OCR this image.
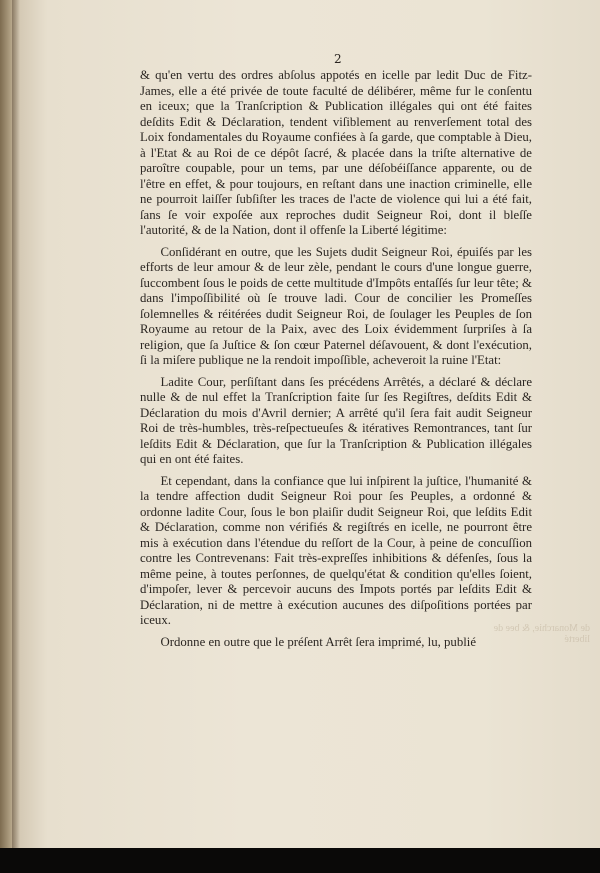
2

& qu'en vertu des ordres abſolus appotés en icelle par ledit Duc de Fitz-James, elle a été privée de toute faculté de délibérer, même fur le conſentu en iceux; que la Tranſcription & Publication illégales qui ont été faites deſdits Edit & Déclaration, tendent viſiblement au renverſement total des Loix fondamentales du Royaume confiées à ſa garde, que comptable à Dieu, à l'Etat & au Roi de ce dépôt ſacré, & placée dans la triſte alternative de paroître coupable, pour un tems, par une déſobéiſſance apparente, ou de l'être en effet, & pour toujours, en reſtant dans une inaction criminelle, elle ne pourroit laiſſer ſubſiſter les traces de l'acte de violence qui lui a été fait, ſans ſe voir expoſée aux reproches dudit Seigneur Roi, dont il bleſſe l'autorité, & de la Nation, dont il offenſe la Liberté légitime:

Conſidérant en outre, que les Sujets dudit Seigneur Roi, épuiſés par les efforts de leur amour & de leur zèle, pendant le cours d'une longue guerre, ſuccombent ſous le poids de cette multitude d'Impôts entaſſés ſur leur tête; & dans l'impoſſibilité où ſe trouve ladi. Cour de concilier les Promeſſes ſolemnelles & réitérées dudit Seigneur Roi, de ſoulager les Peuples de ſon Royaume au retour de la Paix, avec des Loix évidemment ſurpriſes à ſa religion, que ſa Juſtice & ſon cœur Paternel déſavouent, & dont l'exécution, ſi la miſere publique ne la rendoit impoſſible, acheveroit la ruine l'Etat:

Ladite Cour, perſiſtant dans ſes précédens Arrêtés, a déclaré & déclare nulle & de nul effet la Tranſcription faite ſur ſes Regiſtres, deſdits Edit & Déclaration du mois d'Avril dernier; A arrêté qu'il ſera fait audit Seigneur Roi de très-humbles, très-reſpectueuſes & itératives Remontrances, tant ſur leſdits Edit & Déclaration, que ſur la Tranſcription & Publication illégales qui en ont été faites.

Et cependant, dans la confiance que lui inſpirent la juſtice, l'humanité & la tendre affection dudit Seigneur Roi pour ſes Peuples, a ordonné & ordonne ladite Cour, ſous le bon plaiſir dudit Seigneur Roi, que leſdits Edit & Déclaration, comme non vérifiés & regiſtrés en icelle, ne pourront être mis à exécution dans l'étendue du reſſort de la Cour, à peine de concuſſion contre les Contrevenans: Fait très-expreſſes inhibitions & défenſes, ſous la même peine, à toutes perſonnes, de quelqu'état & condition qu'elles ſoient, d'impoſer, lever & percevoir aucuns des Impots portés par leſdits Edit & Déclaration, ni de mettre à exécution aucunes des diſpoſitions portées par iceux.

Ordonne en outre que le préſent Arrêt ſera imprimé, lu, publié

de Monarchie, & bee de liberté
